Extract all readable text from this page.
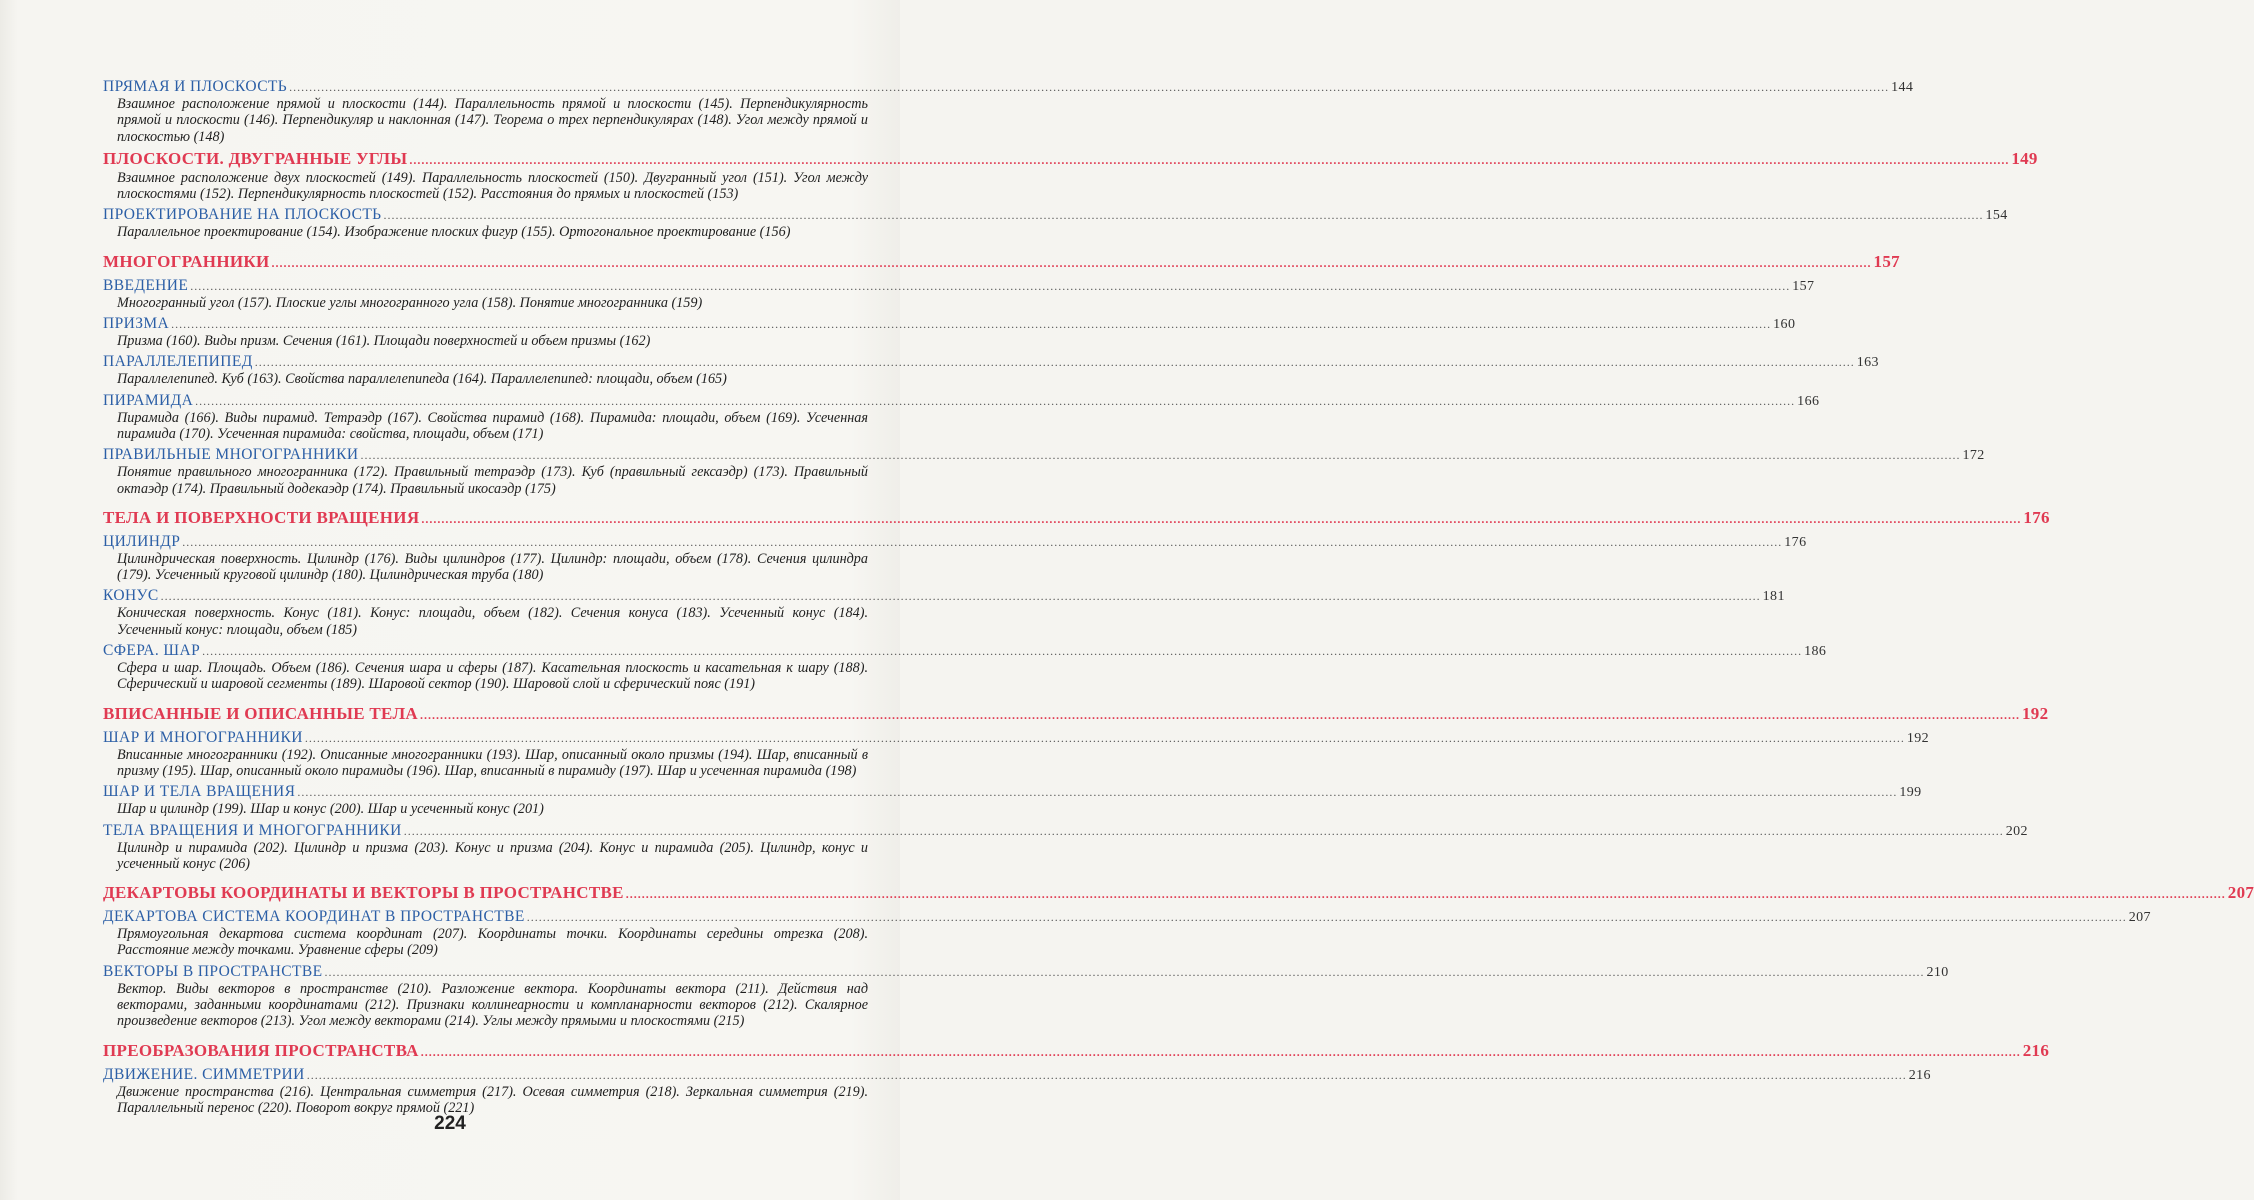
ПРЯМАЯ И ПЛОСКОСТЬ ................................................................................................................................................................................................................................................................................................................................................................................................................ 144
Взаимное расположение прямой и плоскости (144). Параллельность прямой и плоскости (145). Перпендикулярность прямой и плоскости (146). Перпендикуляр и наклонная (147). Теорема о трех перпендикулярах (148). Угол между прямой и плоскостью (148)
ПЛОСКОСТИ. ДВУГРАННЫЕ УГЛЫ ................................................................................................................................................................................................................................................................................................................................................................................................................ 149
Взаимное расположение двух плоскостей (149). Параллельность плоскостей (150). Двугранный угол (151). Угол между плоскостями (152). Перпендикулярность плоскостей (152). Расстояния до прямых и плоскостей (153)
ПРОЕКТИРОВАНИЕ НА ПЛОСКОСТЬ ................................................................................................................................................................................................................................................................................................................................................................................................................ 154
Параллельное проектирование (154). Изображение плоских фигур (155). Ортогональное проектирование (156)
МНОГОГРАННИКИ ................................................................................................................................................................................................................................................................................................................................................................................................................ 157
ВВЕДЕНИЕ ................................................................................................................................................................................................................................................................................................................................................................................................................ 157
Многогранный угол (157). Плоские углы многогранного угла (158). Понятие многогранника (159)
ПРИЗМА ................................................................................................................................................................................................................................................................................................................................................................................................................ 160
Призма (160). Виды призм. Сечения (161). Площади поверхностей и объем призмы (162)
ПАРАЛЛЕЛЕПИПЕД ................................................................................................................................................................................................................................................................................................................................................................................................................ 163
Параллелепипед. Куб (163). Свойства параллелепипеда (164). Параллелепипед: площади, объем (165)
ПИРАМИДА ................................................................................................................................................................................................................................................................................................................................................................................................................ 166
Пирамида (166). Виды пирамид. Тетраэдр (167). Свойства пирамид (168). Пирамида: площади, объем (169). Усеченная пирамида (170). Усеченная пирамида: свойства, площади, объем (171)
ПРАВИЛЬНЫЕ МНОГОГРАННИКИ ................................................................................................................................................................................................................................................................................................................................................................................................................ 172
Понятие правильного многогранника (172). Правильный тетраэдр (173). Куб (правильный гексаэдр) (173). Правильный октаэдр (174). Правильный додекаэдр (174). Правильный икосаэдр (175)
ТЕЛА И ПОВЕРХНОСТИ ВРАЩЕНИЯ ................................................................................................................................................................................................................................................................................................................................................................................................................ 176
ЦИЛИНДР ................................................................................................................................................................................................................................................................................................................................................................................................................ 176
Цилиндрическая поверхность. Цилиндр (176). Виды цилиндров (177). Цилиндр: площади, объем (178). Сечения цилиндра (179). Усеченный круговой цилиндр (180). Цилиндрическая труба (180)
КОНУС ................................................................................................................................................................................................................................................................................................................................................................................................................ 181
Коническая поверхность. Конус (181). Конус: площади, объем (182). Сечения конуса (183). Усеченный конус (184). Усеченный конус: площади, объем (185)
СФЕРА. ШАР ................................................................................................................................................................................................................................................................................................................................................................................................................ 186
Сфера и шар. Площадь. Объем (186). Сечения шара и сферы (187). Касательная плоскость и касательная к шару (188). Сферический и шаровой сегменты (189). Шаровой сектор (190). Шаровой слой и сферический пояс (191)
ВПИСАННЫЕ И ОПИСАННЫЕ ТЕЛА ................................................................................................................................................................................................................................................................................................................................................................................................................ 192
ШАР И МНОГОГРАННИКИ ................................................................................................................................................................................................................................................................................................................................................................................................................ 192
Вписанные многогранники (192). Описанные многогранники (193). Шар, описанный около призмы (194). Шар, вписанный в призму (195). Шар, описанный около пирамиды (196). Шар, вписанный в пирамиду (197). Шар и усеченная пирамида (198)
ШАР И ТЕЛА ВРАЩЕНИЯ ................................................................................................................................................................................................................................................................................................................................................................................................................ 199
Шар и цилиндр (199). Шар и конус (200). Шар и усеченный конус (201)
ТЕЛА ВРАЩЕНИЯ И МНОГОГРАННИКИ ................................................................................................................................................................................................................................................................................................................................................................................................................ 202
Цилиндр и пирамида (202). Цилиндр и призма (203). Конус и призма (204). Конус и пирамида (205). Цилиндр, конус и усеченный конус (206)
ДЕКАРТОВЫ КООРДИНАТЫ И ВЕКТОРЫ В ПРОСТРАНСТВЕ ................................................................................................................................................................................................................................................................................................................................................................................................................ 207
ДЕКАРТОВА СИСТЕМА КООРДИНАТ В ПРОСТРАНСТВЕ ................................................................................................................................................................................................................................................................................................................................................................................................................ 207
Прямоугольная декартова система координат (207). Координаты точки. Координаты середины отрезка (208). Расстояние между точками. Уравнение сферы (209)
ВЕКТОРЫ В ПРОСТРАНСТВЕ ................................................................................................................................................................................................................................................................................................................................................................................................................ 210
Вектор. Виды векторов в пространстве (210). Разложение вектора. Координаты вектора (211). Действия над векторами, заданными координатами (212). Признаки коллинеарности и компланарности векторов (212). Скалярное произведение векторов (213). Угол между векторами (214). Углы между прямыми и плоскостями (215)
ПРЕОБРАЗОВАНИЯ ПРОСТРАНСТВА ................................................................................................................................................................................................................................................................................................................................................................................................................ 216
ДВИЖЕНИЕ. СИММЕТРИИ ................................................................................................................................................................................................................................................................................................................................................................................................................ 216
Движение пространства (216). Центральная симметрия (217). Осевая симметрия (218). Зеркальная симметрия (219). Параллельный перенос (220). Поворот вокруг прямой (221)
224
